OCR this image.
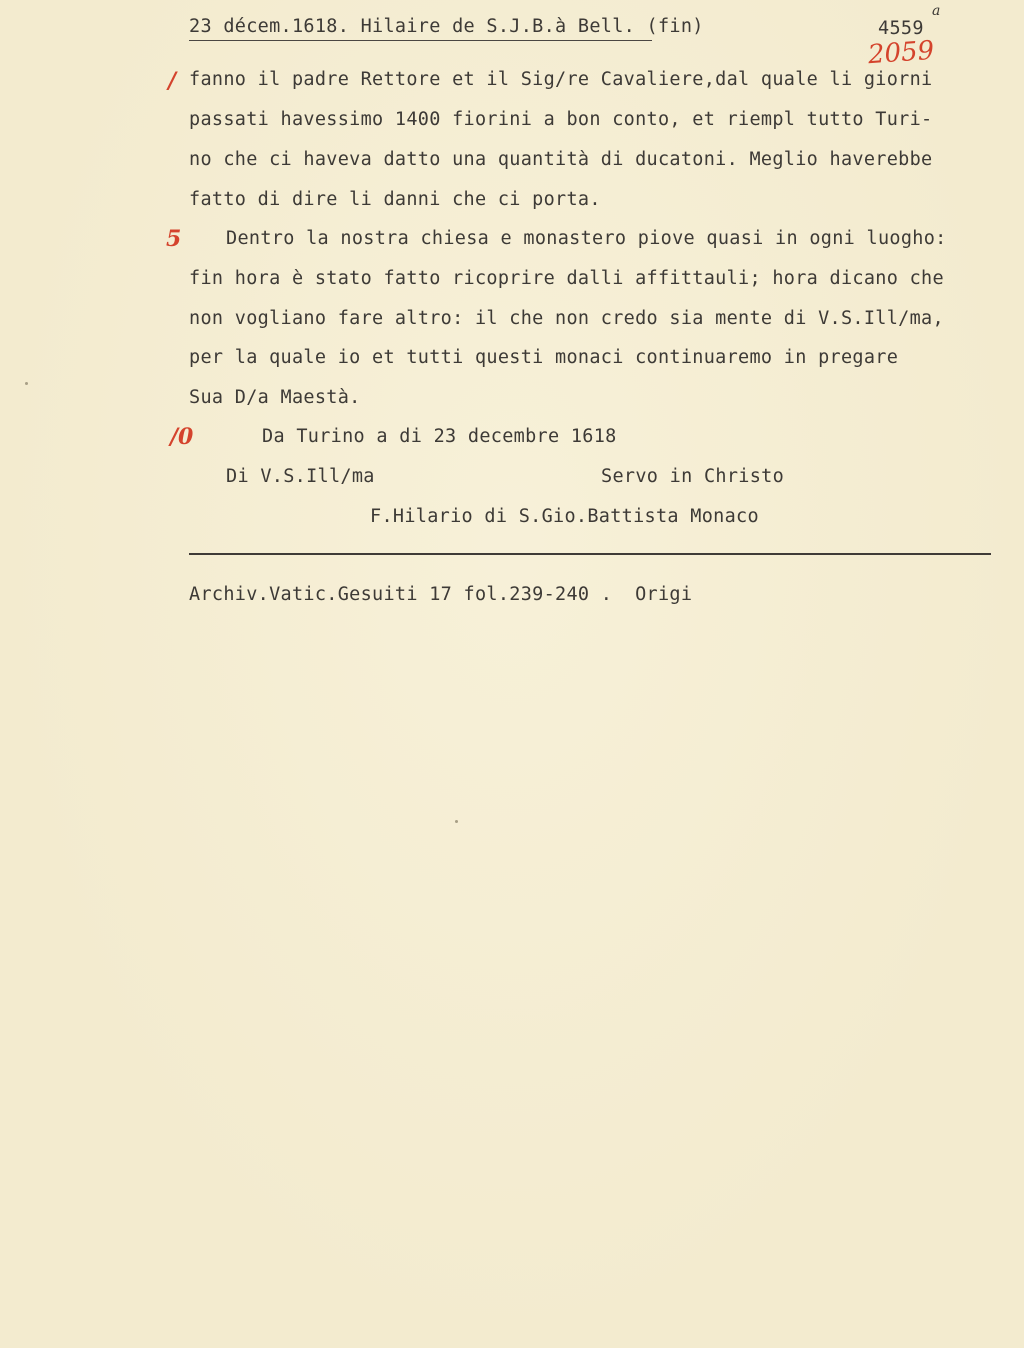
23 décem.1618. Hilaire de S.J.B.à Bell. (fin)	4559
a
2059
/
5
/0
fanno il padre Rettore et il Sig/re Cavaliere,dal quale li giorni
passati havessimo 1400 fiorini a bon conto, et riempl tutto Turi-
no che ci haveva datto una quantità di ducatoni. Meglio haverebbe
fatto di dire li danni che ci porta.
Dentro la nostra chiesa e monastero piove quasi in ogni luogho:
fin hora è stato fatto ricoprire dalli affittauli; hora dicano che
non vogliano fare altro: il che non credo sia mente di V.S.Ill/ma,
per la quale io et tutti questi monaci continuaremo in pregare
Sua D/a Maestà.
Da Turino a di 23 decembre 1618
Di V.S.Ill/ma	Servo in Christo
F.Hilario di S.Gio.Battista Monaco
Archiv.Vatic.Gesuiti 17 fol.239-240 .  Origi
